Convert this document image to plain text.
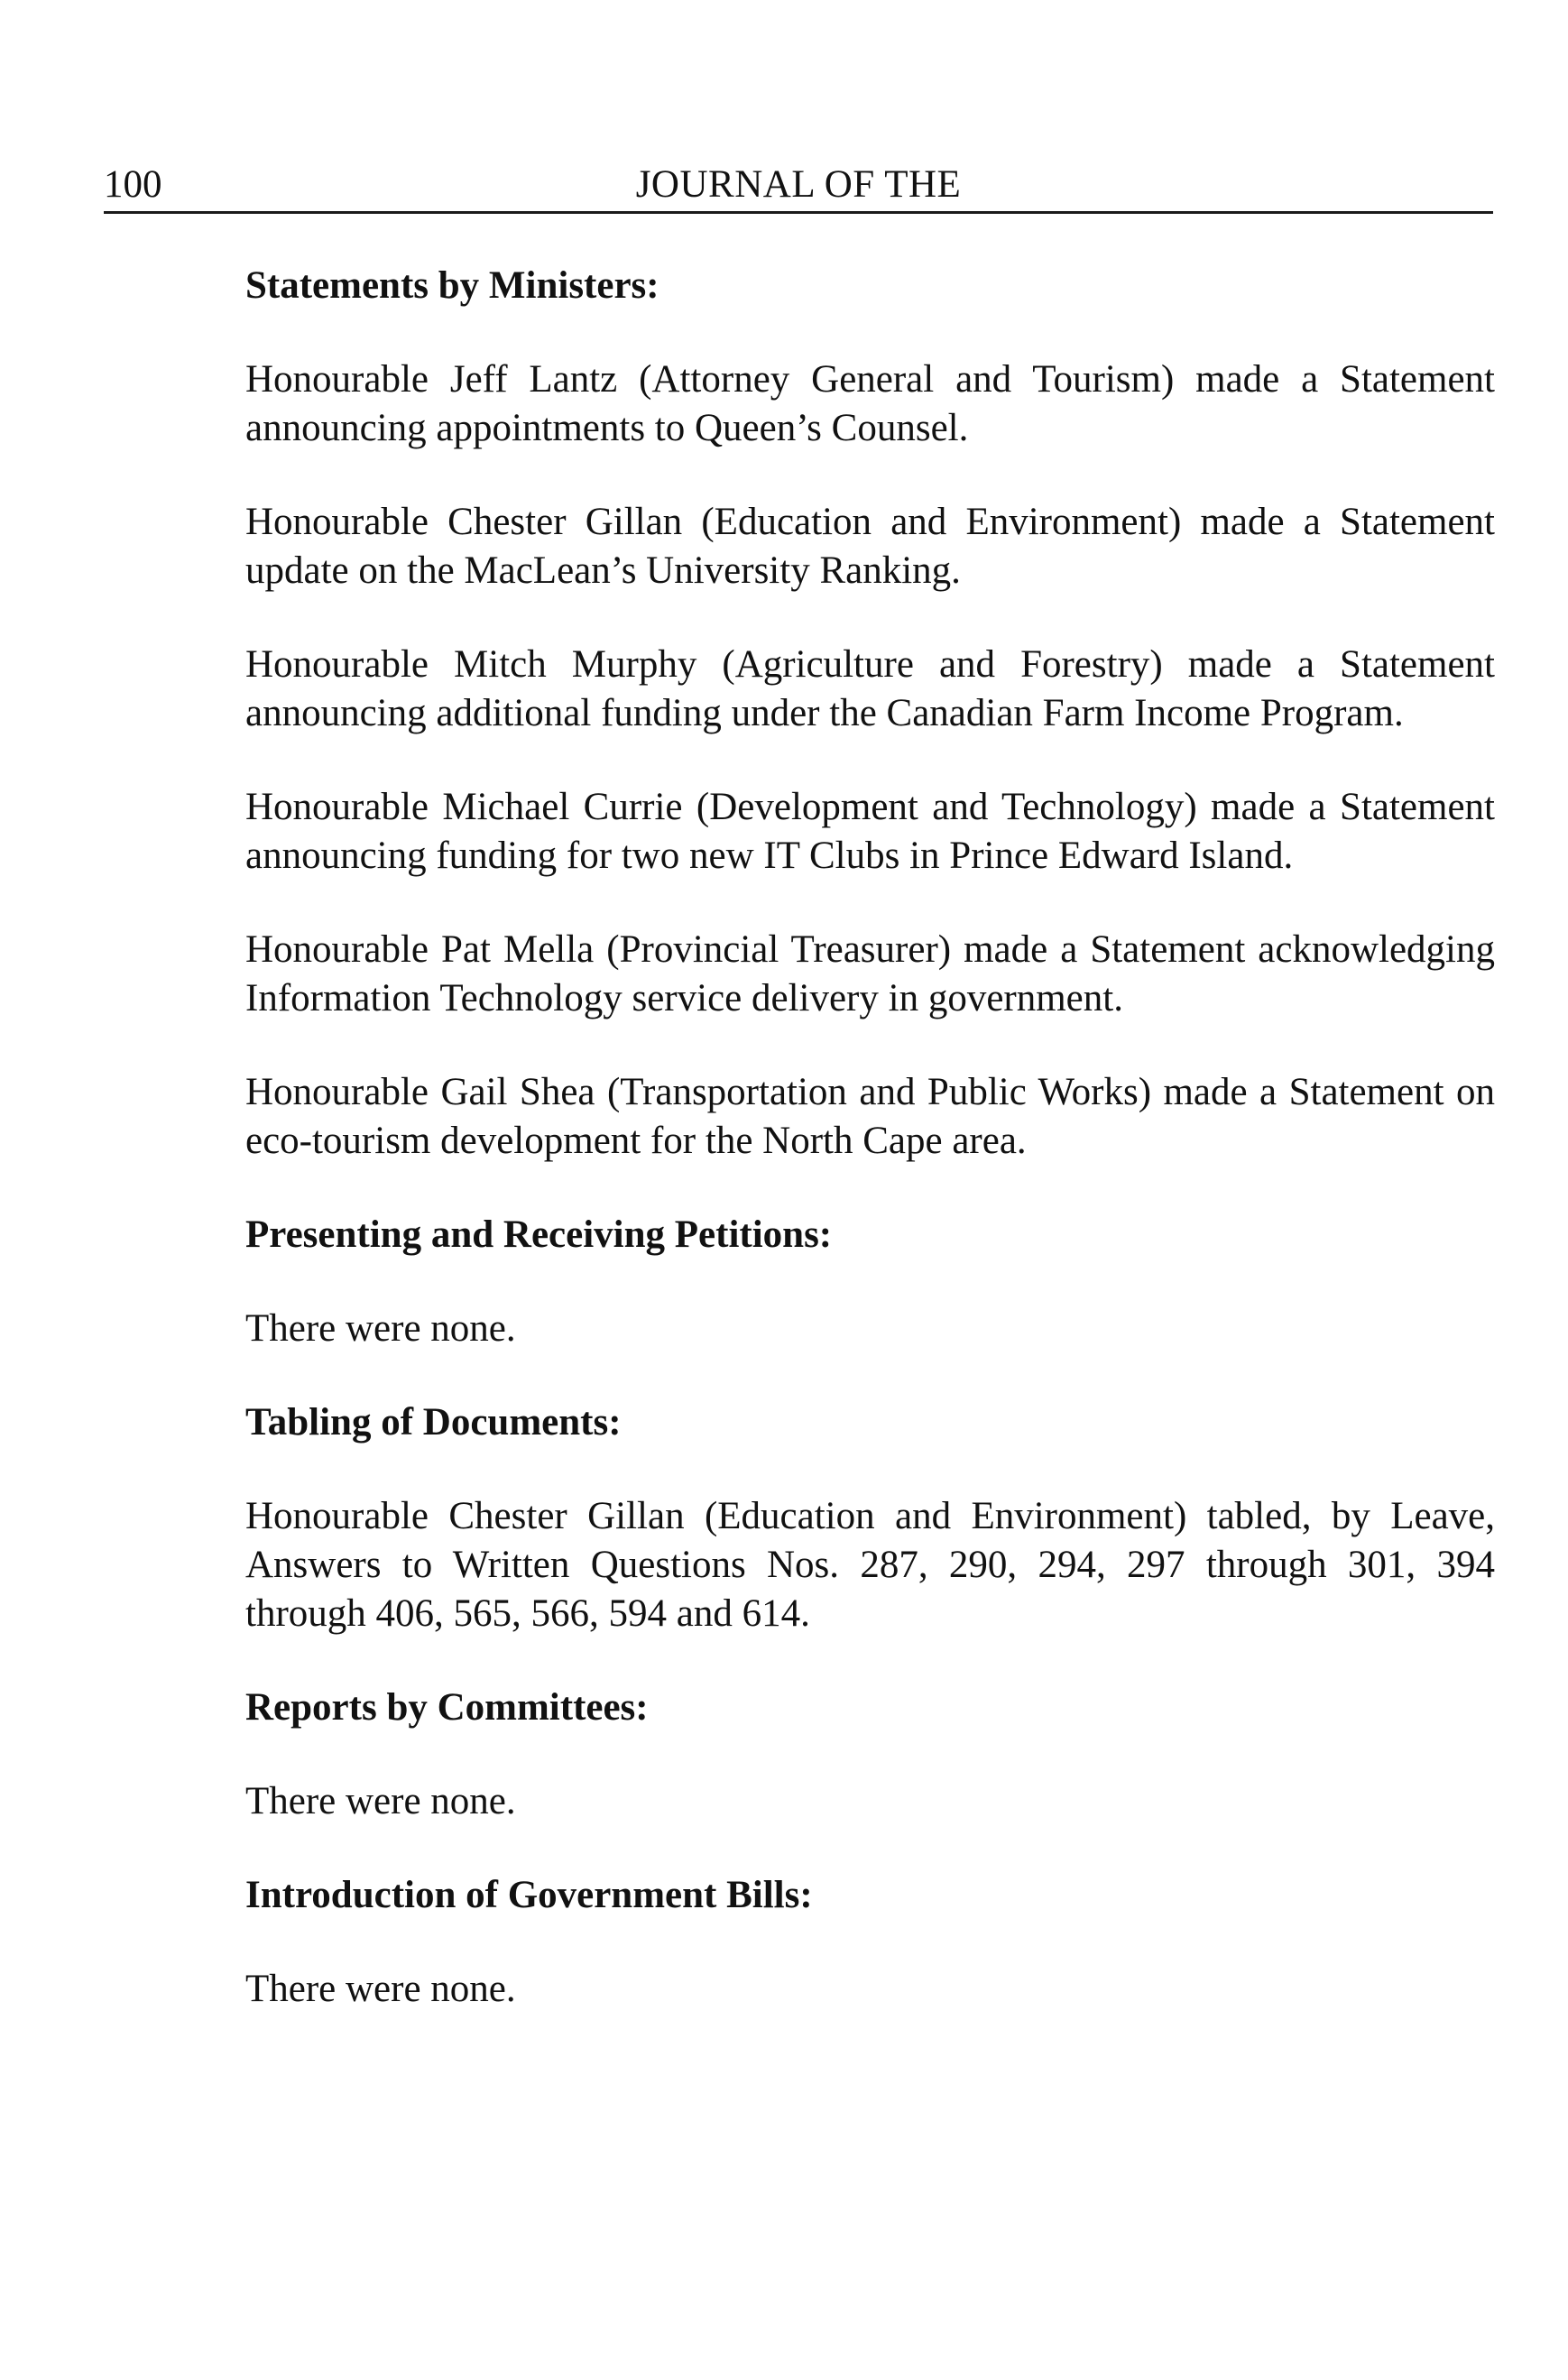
100	JOURNAL OF THE
Statements by Ministers:

Honourable Jeff Lantz (Attorney General and Tourism) made a Statement announcing appointments to Queen’s Counsel.

Honourable Chester Gillan (Education and Environment) made a Statement update on the MacLean’s University Ranking.

Honourable Mitch Murphy (Agriculture and Forestry) made a Statement announcing additional funding under the Canadian Farm Income Program.

Honourable Michael Currie (Development and Technology) made a Statement announcing funding for two new IT Clubs in Prince Edward Island.

Honourable Pat Mella (Provincial Treasurer) made a Statement acknowledging Information Technology service delivery in government.

Honourable Gail Shea (Transportation and Public Works) made a Statement on eco-tourism development for the North Cape area.

Presenting and Receiving Petitions:

There were none.

Tabling of Documents:

Honourable Chester Gillan (Education and Environment) tabled, by Leave, Answers to Written Questions Nos. 287, 290, 294, 297 through 301, 394 through 406, 565, 566, 594 and 614.

Reports by Committees:

There were none.

Introduction of Government Bills:

There were none.
